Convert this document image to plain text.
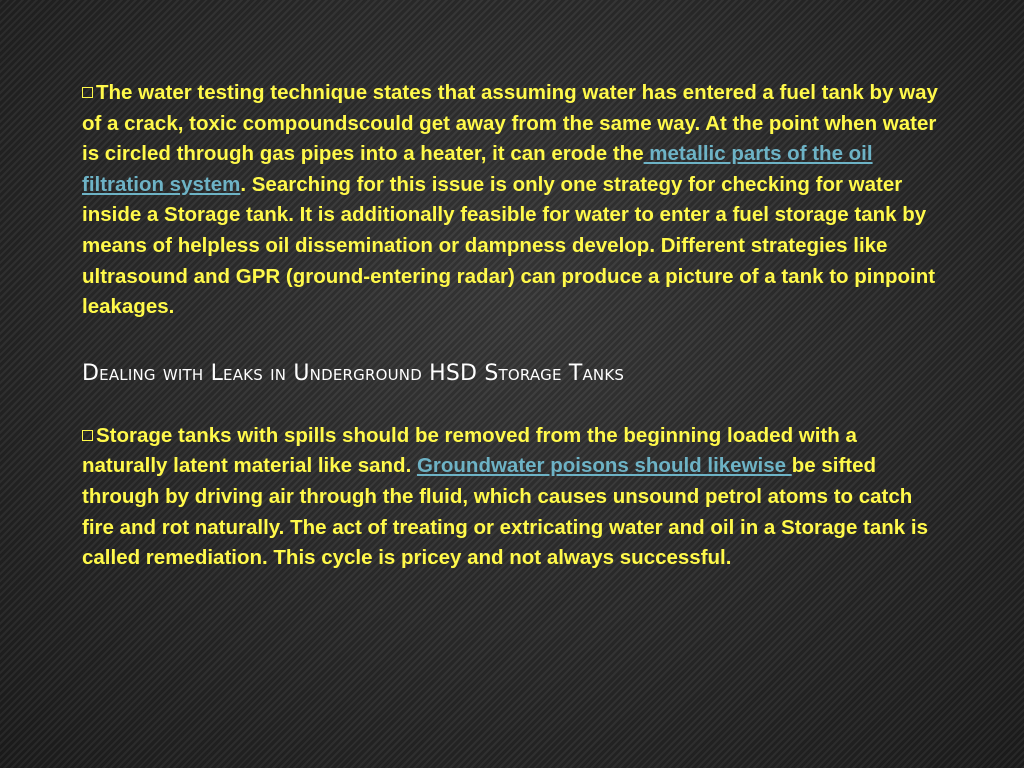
The water testing technique states that assuming water has entered a fuel tank by way of a crack, toxic compoundscould get away from the same way. At the point when water is circled through gas pipes into a heater, it can erode the metallic parts of the oil filtration system. Searching for this issue is only one strategy for checking for water inside a Storage tank. It is additionally feasible for water to enter a fuel storage tank by means of helpless oil dissemination or dampness develop. Different strategies like ultrasound and GPR (ground-entering radar) can produce a picture of a tank to pinpoint leakages.

Dealing with Leaks in Underground HSD Storage Tanks

Storage tanks with spills should be removed from the beginning loaded with a naturally latent material like sand. Groundwater poisons should likewise be sifted through by driving air through the fluid, which causes unsound petrol atoms to catch fire and rot naturally. The act of treating or extricating water and oil in a Storage tank is called remediation. This cycle is pricey and not always successful.
